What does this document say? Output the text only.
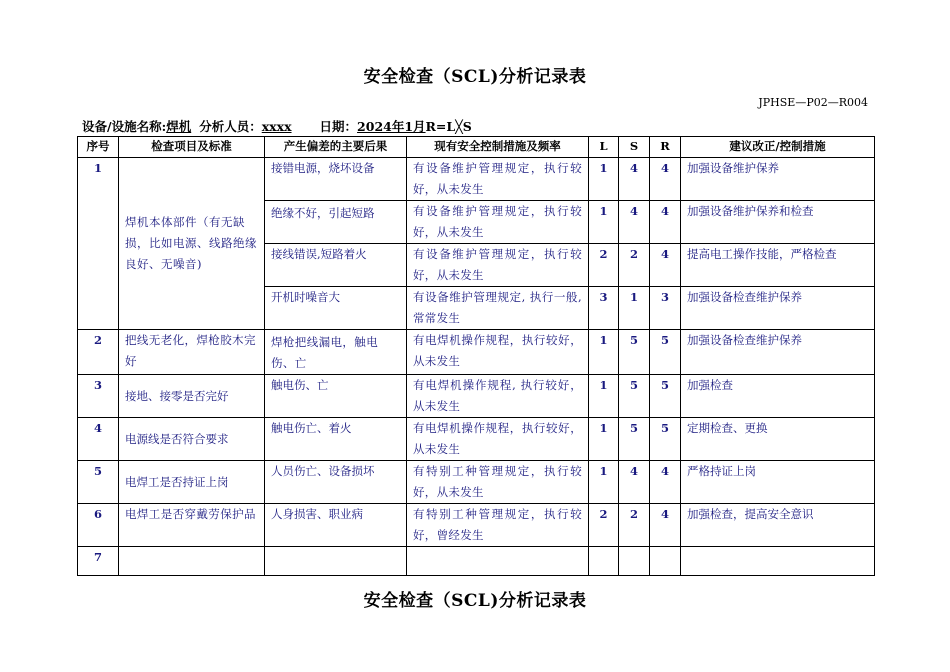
安全检查（SCL)分析记录表
JPHSE—P02—R004
设备/设施名称:焊机 分析人员：xxxx 日期：2024年1月R=L╳S
序号	检查项目及标准	产生偏差的主要后果	现有安全控制措施及频率	L	S	R	建议改正/控制措施
1	焊机本体部件（有无缺损，比如电源、线路绝缘良好、无噪音)	接错电源，烧坏设备	有设备维护管理规定，执行较好，从未发生	1	4	4	加强设备维护保养
		绝缘不好，引起短路	有设备维护管理规定，执行较好，从未发生	1	4	4	加强设备维护保养和检查
		接线错误,短路着火	有设备维护管理规定，执行较好，从未发生	2	2	4	提高电工操作技能，严格检查
		开机时噪音大	有设备维护管理规定, 执行一般,常常发生	3	1	3	加强设备检查维护保养
2	把线无老化，焊枪胶木完好	焊枪把线漏电，触电伤、亡	有电焊机操作规程，执行较好，从未发生	1	5	5	加强设备检查维护保养
3	接地、接零是否完好	触电伤、亡	有电焊机操作规程, 执行较好，从未发生	1	5	5	加强检查
4	电源线是否符合要求	触电伤亡、着火	有电焊机操作规程，执行较好，从未发生	1	5	5	定期检查、更换
5	电焊工是否持证上岗	人员伤亡、设备损坏	有特别工种管理规定，执行较好，从未发生	1	4	4	严格持证上岗
6	电焊工是否穿戴劳保护品	人身损害、职业病	有特别工种管理规定，执行较好，曾经发生	2	2	4	加强检查，提高安全意识
7							
安全检查（SCL)分析记录表
